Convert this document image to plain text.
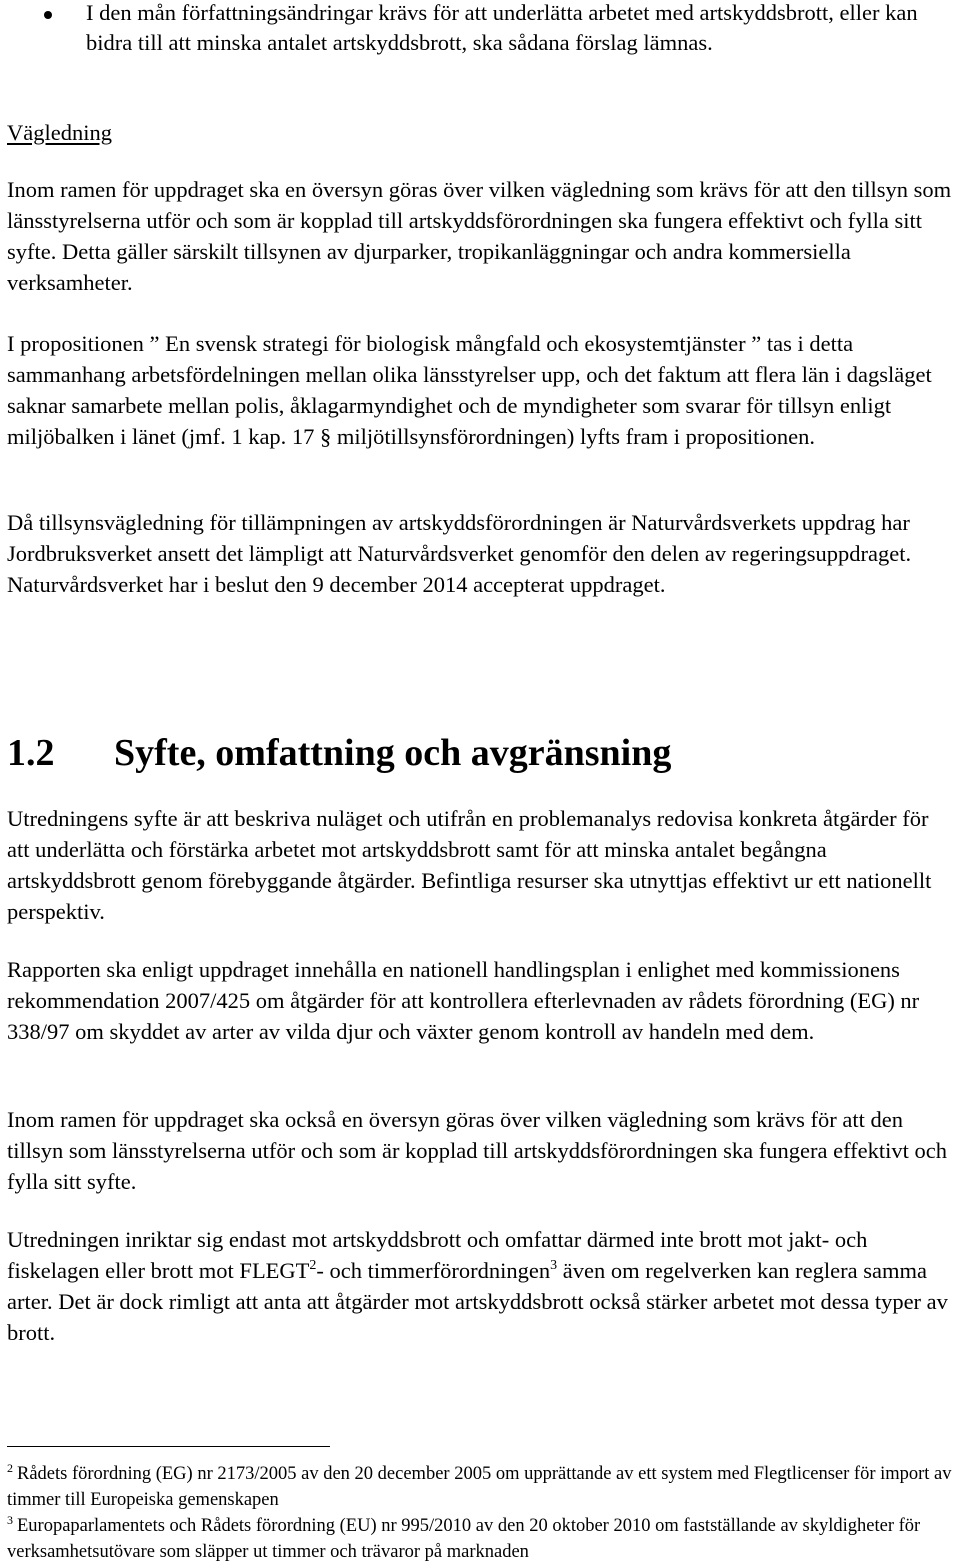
I den mån författningsändringar krävs för att underlätta arbetet med artskyddsbrott, eller kan bidra till att minska antalet artskyddsbrott, ska sådana förslag lämnas.
Vägledning

Inom ramen för uppdraget ska en översyn göras över vilken vägledning som krävs för att den tillsyn som länsstyrelserna utför och som är kopplad till artskyddsförordningen ska fungera effektivt och fylla sitt syfte. Detta gäller särskilt tillsynen av djurparker, tropikanläggningar och andra kommersiella verksamheter.

I propositionen ” En svensk strategi för biologisk mångfald och ekosystemtjänster ” tas i detta sammanhang arbetsfördelningen mellan olika länsstyrelser upp, och det faktum att flera län i dagsläget saknar samarbete mellan polis, åklagarmyndighet och de myndigheter som svarar för tillsyn enligt miljöbalken i länet (jmf. 1 kap. 17 § miljötillsynsförordningen) lyfts fram i propositionen.

Då tillsynsvägledning för tillämpningen av artskyddsförordningen är Naturvårdsverkets uppdrag har Jordbruksverket ansett det lämpligt att Naturvårdsverket genomför den delen av regeringsuppdraget. Naturvårdsverket har i beslut den 9 december 2014 accepterat uppdraget.

1.2 Syfte, omfattning och avgränsning

Utredningens syfte är att beskriva nuläget och utifrån en problemanalys redovisa konkreta åtgärder för att underlätta och förstärka arbetet mot artskyddsbrott samt för att minska antalet begångna artskyddsbrott genom förebyggande åtgärder. Befintliga resurser ska utnyttjas effektivt ur ett nationellt perspektiv.

Rapporten ska enligt uppdraget innehålla en nationell handlingsplan i enlighet med kommissionens rekommendation 2007/425 om åtgärder för att kontrollera efterlevnaden av rådets förordning (EG) nr 338/97 om skyddet av arter av vilda djur och växter genom kontroll av handeln med dem.

Inom ramen för uppdraget ska också en översyn göras över vilken vägledning som krävs för att den tillsyn som länsstyrelserna utför och som är kopplad till artskyddsförordningen ska fungera effektivt och fylla sitt syfte.

Utredningen inriktar sig endast mot artskyddsbrott och omfattar därmed inte brott mot jakt- och fiskelagen eller brott mot FLEGT$^2$- och timmerförordningen$^3$ även om regelverken kan reglera samma arter. Det är dock rimligt att anta att åtgärder mot artskyddsbrott också stärker arbetet mot dessa typer av brott.

$^2$ Rådets förordning (EG) nr 2173/2005 av den 20 december 2005 om upprättande av ett system med Flegtlicenser för import av timmer till Europeiska gemenskapen

$^3$ Europaparlamentets och Rådets förordning (EU) nr 995/2010 av den 20 oktober 2010 om fastställande av skyldigheter för verksamhetsutövare som släpper ut timmer och trävaror på marknaden
